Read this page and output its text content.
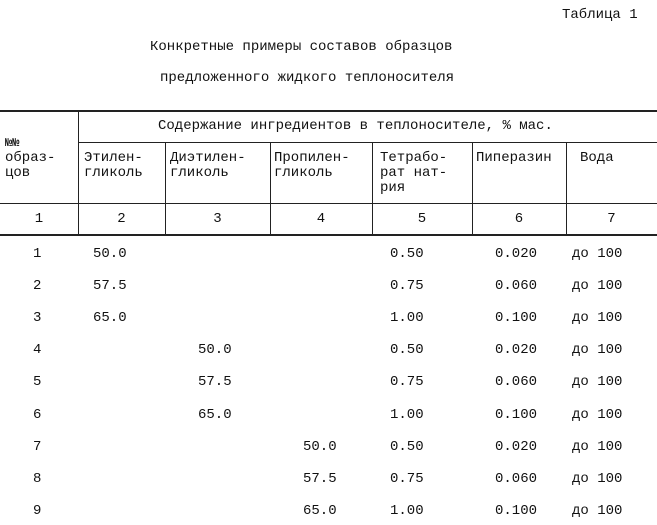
Таблица 1
Конкретные примеры составов образцов
предложенного жидкого теплоносителя
№№
образ-
цов
Содержание ингредиентов в теплоносителе, % мас.
Этилен-
гликоль
Диэтилен-
гликоль
Пропилен-
гликоль
Тетрабо-
рат нат-
рия
Пиперазин Вода
1	2	3	4	5	6	7
1	50.0	0.50	0.020 до 100
2	57.5	0.75	0.060 до 100
3	65.0	1.00	0.100 до 100
4	50.0	0.50	0.020 до 100
5	57.5	0.75	0.060 до 100
6	65.0	1.00	0.100 до 100
7	50.0	0.50	0.020 до 100
8	57.5	0.75	0.060 до 100
9	65.0	1.00	0.100 до 100
